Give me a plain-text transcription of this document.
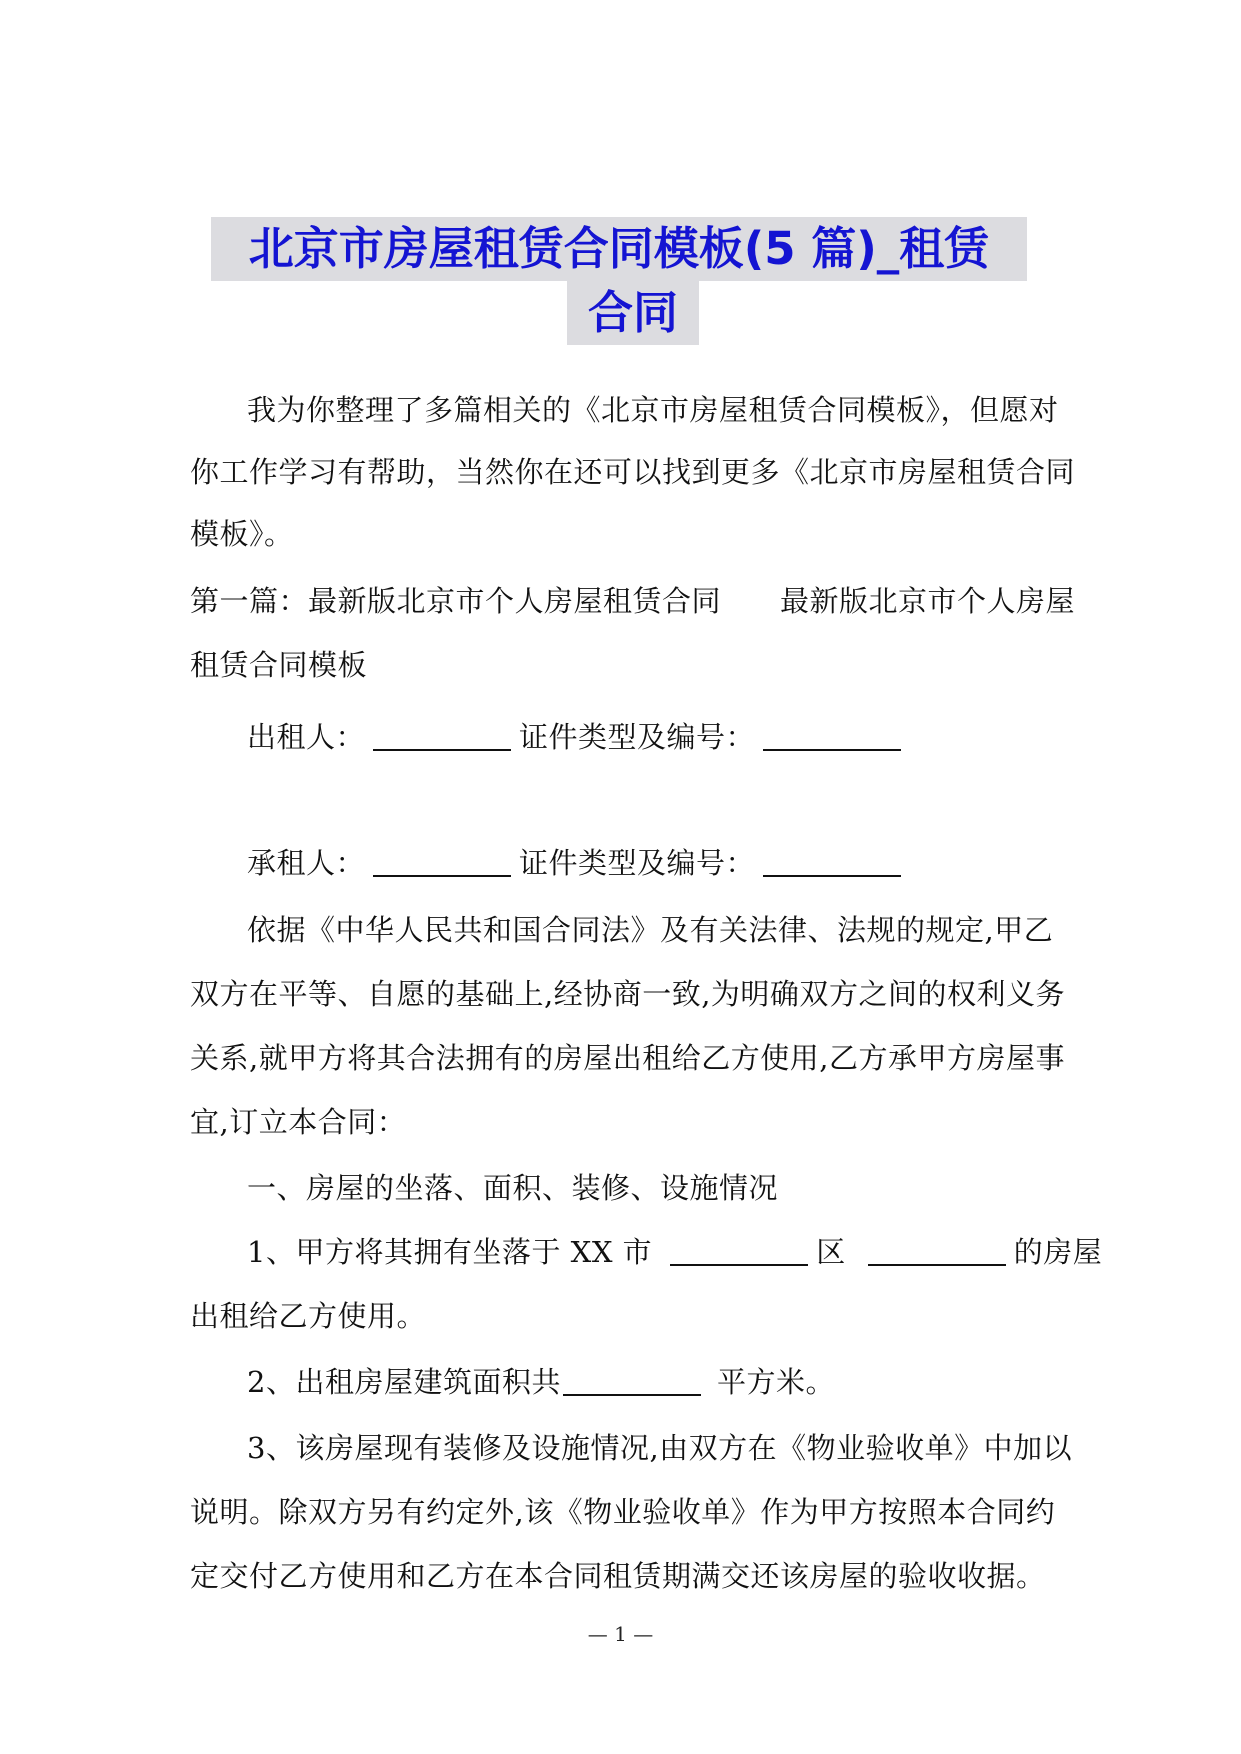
北京市房屋租赁合同模板(5 篇)_租赁
合同
我为你整理了多篇相关的《北京市房屋租赁合同模板》，但愿对
你工作学习有帮助，当然你在还可以找到更多《北京市房屋租赁合同
模板》。
第一篇：最新版北京市个人房屋租赁合同　　最新版北京市个人房屋
租赁合同模板
出租人：	证件类型及编号：
承租人：	证件类型及编号：
依据《中华人民共和国合同法》及有关法律、法规的规定,甲乙
双方在平等、自愿的基础上,经协商一致,为明确双方之间的权利义务
关系,就甲方将其合法拥有的房屋出租给乙方使用,乙方承甲方房屋事
宜,订立本合同：
一、房屋的坐落、面积、装修、设施情况
1、甲方将其拥有坐落于 XX 市	区	的房屋
出租给乙方使用。
2、出租房屋建筑面积共	平方米。
3、该房屋现有装修及设施情况,由双方在《物业验收单》中加以
说明。除双方另有约定外,该《物业验收单》作为甲方按照本合同约
定交付乙方使用和乙方在本合同租赁期满交还该房屋的验收收据。
— 1 —
